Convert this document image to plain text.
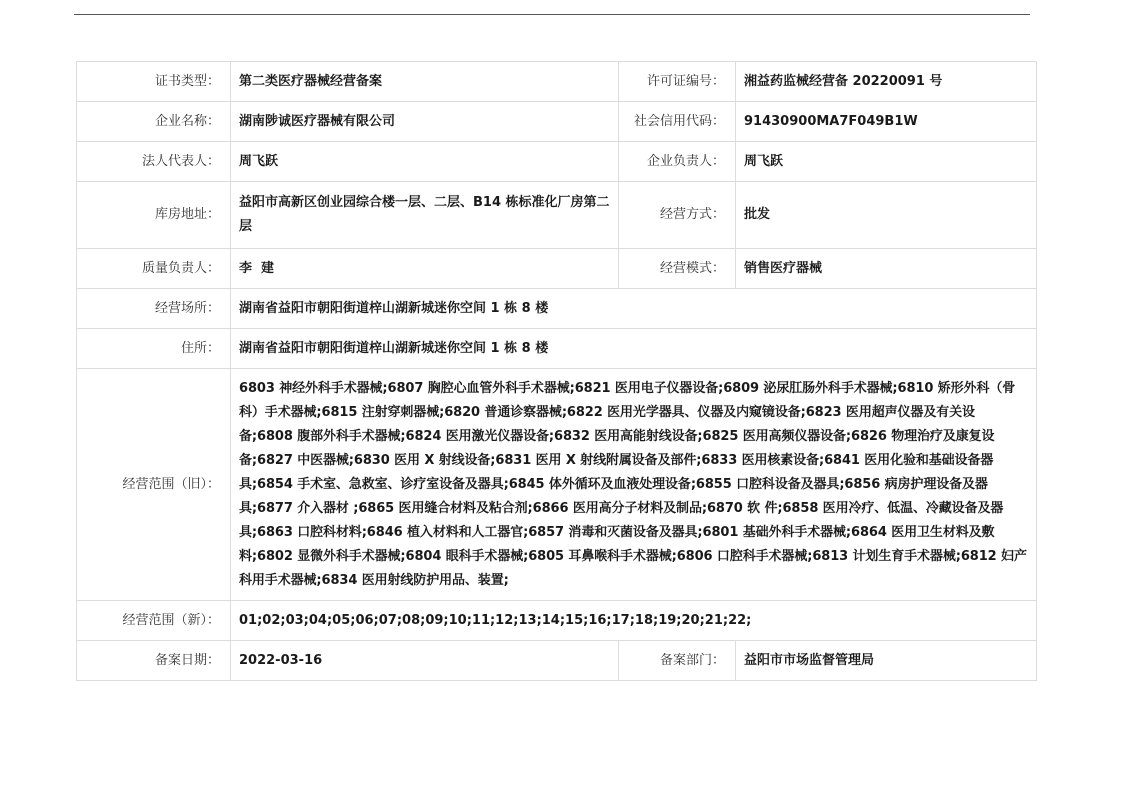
证书类型：	第二类医疗器械经营备案	许可证编号：	湘益药监械经营备 20220091 号
企业名称：	湖南陟诚医疗器械有限公司	社会信用代码：	91430900MA7F049B1W
法人代表人：	周飞跃	企业负责人：	周飞跃
库房地址：	益阳市高新区创业园综合楼一层、二层、B14 栋标准化厂房第二层	经营方式：	批发
质量负责人：	李  建	经营模式：	销售医疗器械
经营场所：	湖南省益阳市朝阳街道梓山湖新城迷你空间 1 栋 8 楼		
住所：	湖南省益阳市朝阳街道梓山湖新城迷你空间 1 栋 8 楼		
经营范围（旧）：	6803 神经外科手术器械;6807 胸腔心血管外科手术器械;6821 医用电子仪器设备;6809 泌尿肛肠外科手术器械;6810 矫形外科（骨科）手术器械;6815 注射穿刺器械;6820 普通诊察器械;6822 医用光学器具、仪器及内窥镜设备;6823 医用超声仪器及有关设备;6808 腹部外科手术器械;6824 医用激光仪器设备;6832 医用高能射线设备;6825 医用高频仪器设备;6826 物理治疗及康复设备;6827 中医器械;6830 医用 X 射线设备;6831 医用 X 射线附属设备及部件;6833 医用核素设备;6841 医用化验和基础设备器具;6854 手术室、急救室、诊疗室设备及器具;6845 体外循环及血液处理设备;6855 口腔科设备及器具;6856 病房护理设备及器具;6877 介入器材 ;6865 医用缝合材料及粘合剂;6866 医用高分子材料及制品;6870 软 件;6858 医用冷疗、低温、冷藏设备及器具;6863 口腔科材料;6846 植入材料和人工器官;6857 消毒和灭菌设备及器具;6801 基础外科手术器械;6864 医用卫生材料及敷料;6802 显微外科手术器械;6804 眼科手术器械;6805 耳鼻喉科手术器械;6806 口腔科手术器械;6813 计划生育手术器械;6812 妇产科用手术器械;6834 医用射线防护用品、装置;		
经营范围（新）：	01;02;03;04;05;06;07;08;09;10;11;12;13;14;15;16;17;18;19;20;21;22;		
备案日期：	2022-03-16	备案部门：	益阳市市场监督管理局
